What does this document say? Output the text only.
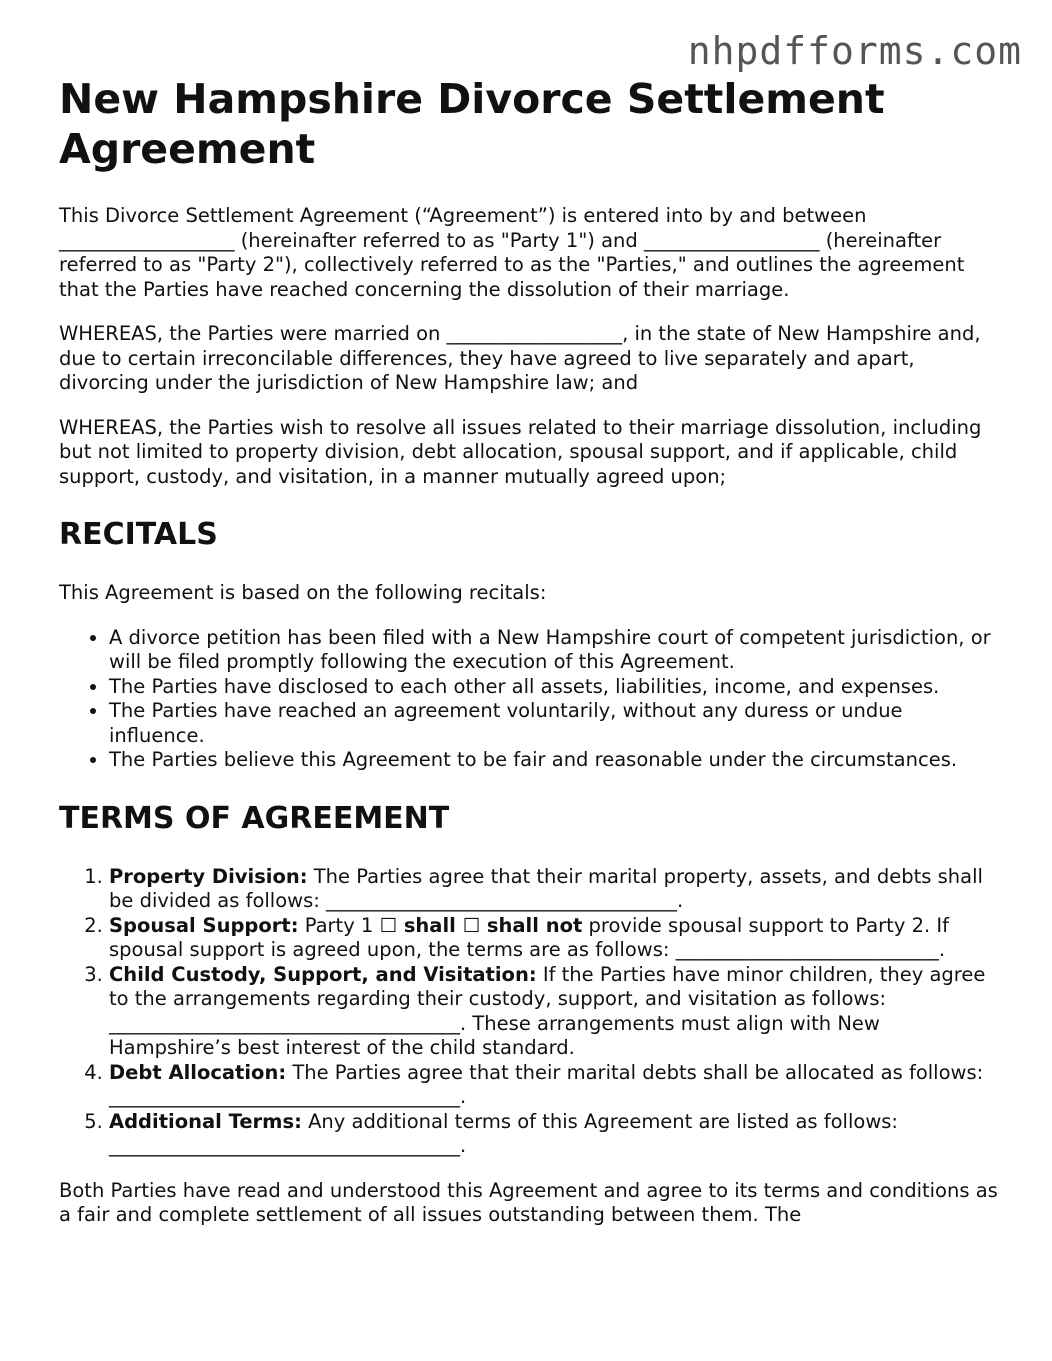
nhpdfforms.com
New Hampshire Divorce Settlement Agreement

This Divorce Settlement Agreement (“Agreement”) is entered into by and between __________________ (hereinafter referred to as "Party 1") and __________________ (hereinafter referred to as "Party 2"), collectively referred to as the "Parties," and outlines the agreement that the Parties have reached concerning the dissolution of their marriage.

WHEREAS, the Parties were married on __________________, in the state of New Hampshire and, due to certain irreconcilable differences, they have agreed to live separately and apart, divorcing under the jurisdiction of New Hampshire law; and

WHEREAS, the Parties wish to resolve all issues related to their marriage dissolution, including but not limited to property division, debt allocation, spousal support, and if applicable, child support, custody, and visitation, in a manner mutually agreed upon;

RECITALS

This Agreement is based on the following recitals:

• A divorce petition has been filed with a New Hampshire court of competent jurisdiction, or will be filed promptly following the execution of this Agreement.
• The Parties have disclosed to each other all assets, liabilities, income, and expenses.
• The Parties have reached an agreement voluntarily, without any duress or undue influence.
• The Parties believe this Agreement to be fair and reasonable under the circumstances.
TERMS OF AGREEMENT
1. Property Division: The Parties agree that their marital property, assets, and debts shall be divided as follows: ____________________________________.
2. Spousal Support: Party 1 ☐ shall ☐ shall not provide spousal support to Party 2. If spousal support is agreed upon, the terms are as follows: ___________________________.
3. Child Custody, Support, and Visitation: If the Parties have minor children, they agree to the arrangements regarding their custody, support, and visitation as follows: ____________________________________. These arrangements must align with New Hampshire’s best interest of the child standard.
4. Debt Allocation: The Parties agree that their marital debts shall be allocated as follows: ____________________________________.
5. Additional Terms: Any additional terms of this Agreement are listed as follows: ____________________________________.

Both Parties have read and understood this Agreement and agree to its terms and conditions as a fair and complete settlement of all issues outstanding between them. The
